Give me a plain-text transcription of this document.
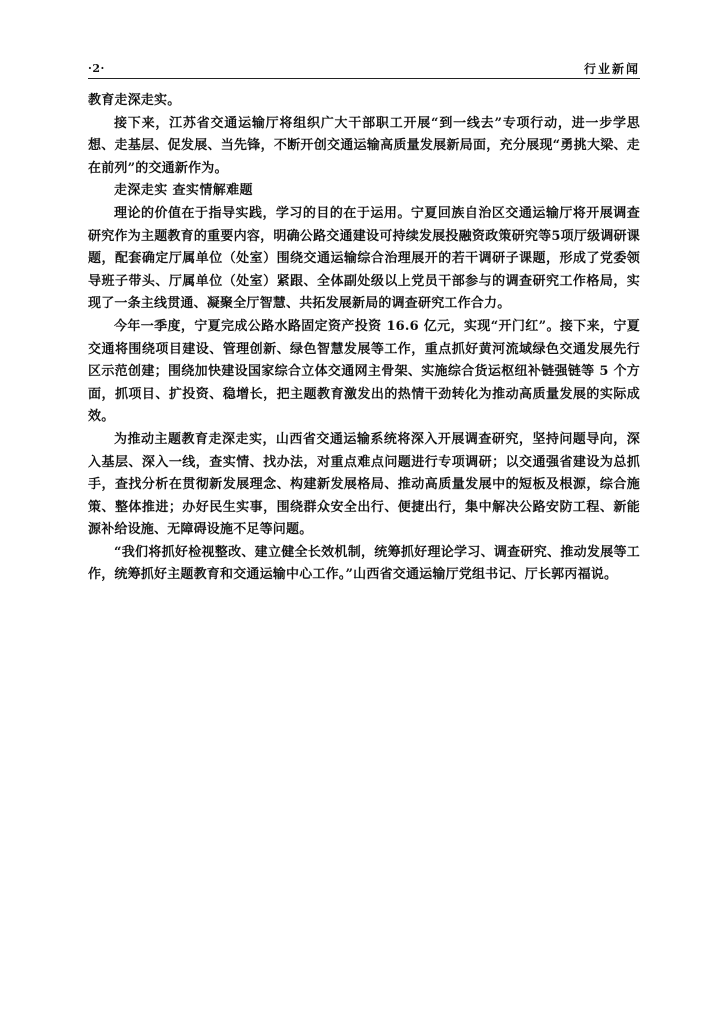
·2·	行业新闻

教育走深走实。

接下来，江苏省交通运输厅将组织广大干部职工开展“到一线去”专项行动，进一步学思想、走基层、促发展、当先锋，不断开创交通运输高质量发展新局面，充分展现“勇挑大梁、走在前列”的交通新作为。

走深走实 查实情解难题

理论的价值在于指导实践，学习的目的在于运用。宁夏回族自治区交通运输厅将开展调查研究作为主题教育的重要内容，明确公路交通建设可持续发展投融资政策研究等5项厅级调研课题，配套确定厅属单位（处室）围绕交通运输综合治理展开的若干调研子课题，形成了党委领导班子带头、厅属单位（处室）紧跟、全体副处级以上党员干部参与的调查研究工作格局，实现了一条主线贯通、凝聚全厅智慧、共拓发展新局的调查研究工作合力。

今年一季度，宁夏完成公路水路固定资产投资 16.6 亿元，实现“开门红”。接下来，宁夏交通将围绕项目建设、管理创新、绿色智慧发展等工作，重点抓好黄河流域绿色交通发展先行区示范创建；围绕加快建设国家综合立体交通网主骨架、实施综合货运枢纽补链强链等 5 个方面，抓项目、扩投资、稳增长，把主题教育激发出的热情干劲转化为推动高质量发展的实际成效。

为推动主题教育走深走实，山西省交通运输系统将深入开展调查研究，坚持问题导向，深入基层、深入一线，查实情、找办法，对重点难点问题进行专项调研；以交通强省建设为总抓手，查找分析在贯彻新发展理念、构建新发展格局、推动高质量发展中的短板及根源，综合施策、整体推进；办好民生实事，围绕群众安全出行、便捷出行，集中解决公路安防工程、新能源补给设施、无障碍设施不足等问题。

“我们将抓好检视整改、建立健全长效机制，统筹抓好理论学习、调查研究、推动发展等工作，统筹抓好主题教育和交通运输中心工作。”山西省交通运输厅党组书记、厅长郭丙福说。
